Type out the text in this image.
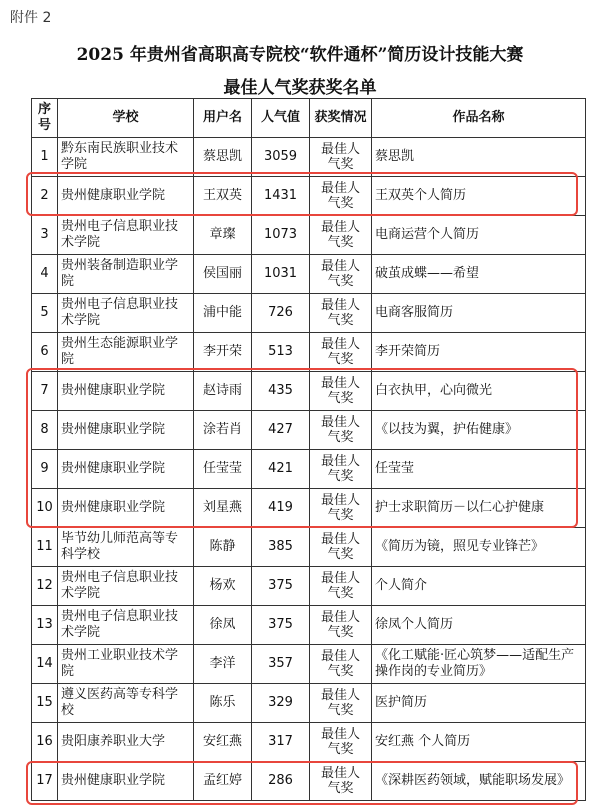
附件 2
2025 年贵州省高职高专院校“软件通杯”简历设计技能大赛
最佳人气奖获奖名单
序号	学校	用户名	人气值	获奖情况	作品名称
1	黔东南民族职业技术学院	蔡思凯	3059	最佳人气奖	蔡思凯
2	贵州健康职业学院	王双英	1431	最佳人气奖	王双英个人简历
3	贵州电子信息职业技术学院	章璨	1073	最佳人气奖	电商运营个人简历
4	贵州装备制造职业学院	侯国丽	1031	最佳人气奖	破茧成蝶——希望
5	贵州电子信息职业技术学院	浦中能	726	最佳人气奖	电商客服简历
6	贵州生态能源职业学院	李开荣	513	最佳人气奖	李开荣简历
7	贵州健康职业学院	赵诗雨	435	最佳人气奖	白衣执甲，心向微光
8	贵州健康职业学院	涂若肖	427	最佳人气奖	《以技为翼，护佑健康》
9	贵州健康职业学院	任莹莹	421	最佳人气奖	任莹莹
10	贵州健康职业学院	刘星燕	419	最佳人气奖	护士求职简历－以仁心护健康
11	毕节幼儿师范高等专科学校	陈静	385	最佳人气奖	《简历为镜，照见专业锋芒》
12	贵州电子信息职业技术学院	杨欢	375	最佳人气奖	个人简介
13	贵州电子信息职业技术学院	徐凤	375	最佳人气奖	徐凤个人简历
14	贵州工业职业技术学院	李洋	357	最佳人气奖	《化工赋能·匠心筑梦——适配生产操作岗的专业简历》
15	遵义医药高等专科学校	陈乐	329	最佳人气奖	医护简历
16	贵阳康养职业大学	安红燕	317	最佳人气奖	安红燕 个人简历
17	贵州健康职业学院	孟红婷	286	最佳人气奖	《深耕医药领域，赋能职场发展》
